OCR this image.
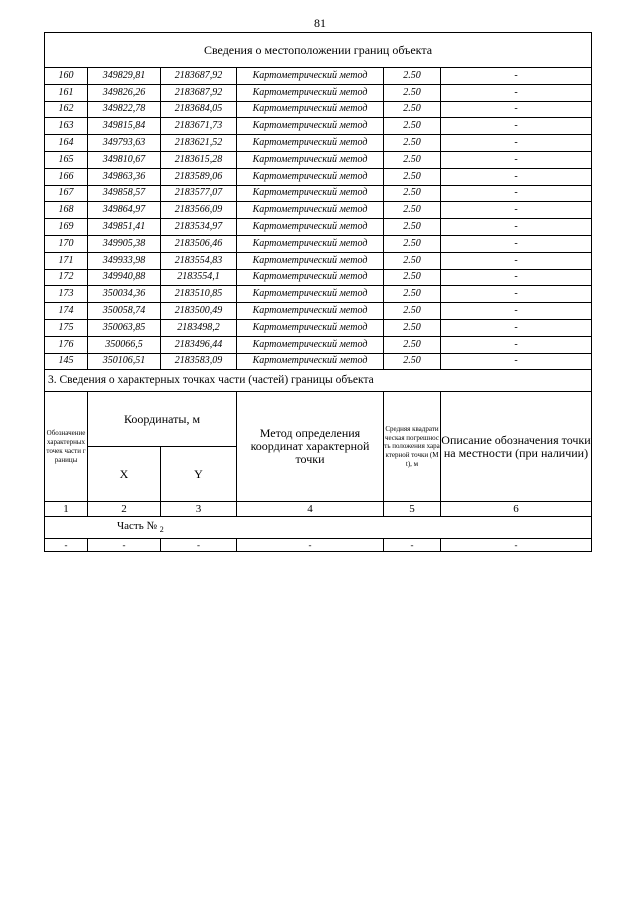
81
Сведения о местоположении границ объекта					
160	349829,81	2183687,92	Картометрический метод	2.50	-
161	349826,26	2183687,92	Картометрический метод	2.50	-
162	349822,78	2183684,05	Картометрический метод	2.50	-
163	349815,84	2183671,73	Картометрический метод	2.50	-
164	349793,63	2183621,52	Картометрический метод	2.50	-
165	349810,67	2183615,28	Картометрический метод	2.50	-
166	349863,36	2183589,06	Картометрический метод	2.50	-
167	349858,57	2183577,07	Картометрический метод	2.50	-
168	349864,97	2183566,09	Картометрический метод	2.50	-
169	349851,41	2183534,97	Картометрический метод	2.50	-
170	349905,38	2183506,46	Картометрический метод	2.50	-
171	349933,98	2183554,83	Картометрический метод	2.50	-
172	349940,88	2183554,1	Картометрический метод	2.50	-
173	350034,36	2183510,85	Картометрический метод	2.50	-
174	350058,74	2183500,49	Картометрический метод	2.50	-
175	350063,85	2183498,2	Картометрический метод	2.50	-
176	350066,5	2183496,44	Картометрический метод	2.50	-
145	350106,51	2183583,09	Картометрический метод	2.50	-
3. Сведения о характерных точках части (частей) границы объекта					
Обозначение характерных точек части границы	Координаты, м		Метод определения координат характерной точки	Средняя квадратическая погрешность положения характерной точки (Mt), м	Описание обозначения точки на местности (при наличии)
	X	Y			
1	2	3	4	5	6
Часть № $_2$
-	-	-	-	-	-
